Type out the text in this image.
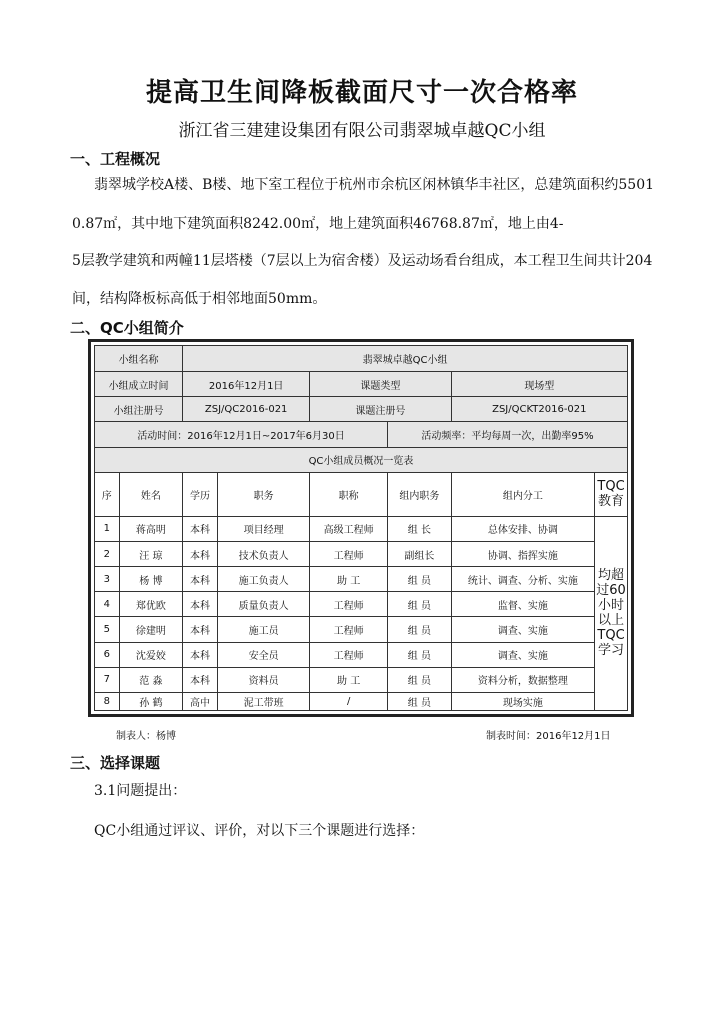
提高卫生间降板截面尺寸一次合格率
浙江省三建建设集团有限公司翡翠城卓越QC小组
一、工程概况
翡翠城学校A楼、B楼、地下室工程位于杭州市余杭区闲林镇华丰社区，总建筑面积约5501
0.87㎡，其中地下建筑面积8242.00㎡，地上建筑面积46768.87㎡，地上由4-
5层教学建筑和两幢11层塔楼（7层以上为宿舍楼）及运动场看台组成，本工程卫生间共计204
间，结构降板标高低于相邻地面50mm。
二、QC小组简介
小组名称		翡翠城卓越QC小组					
小组成立时间		2016年12月1日		课题类型		现场型	
小组注册号		ZSJ/QC2016-021		课题注册号		ZSJ/QCKT2016-021	
活动时间：2016年12月1日~2017年6月30日					活动频率：平均每周一次，出勤率95%		
QC小组成员概况一览表							
序	姓名	学历	职务	职称	组内职务	组内分工	TQC教育
1	蒋高明	本科	项目经理	高级工程师	组 长	总体安排、协调	均超过60小时以上TQC学习
2	汪 琼	本科	技术负责人	工程师	副组长	协调、指挥实施	
3	杨 博	本科	施工负责人	助 工	组 员	统计、调查、分析、实施	
4	郑优欧	本科	质量负责人	工程师	组 员	监督、实施	
5	徐建明	本科	施工员	工程师	组 员	调查、实施	
6	沈爱姣	本科	安全员	工程师	组 员	调查、实施	
7	范 淼	本科	资料员	助 工	组 员	资料分析，数据整理	
8	孙 鹤	高中	泥工带班	/	组 员	现场实施	
制表人：杨博	制表时间：2016年12月1日
三、选择课题
3.1问题提出：
QC小组通过评议、评价，对以下三个课题进行选择：
